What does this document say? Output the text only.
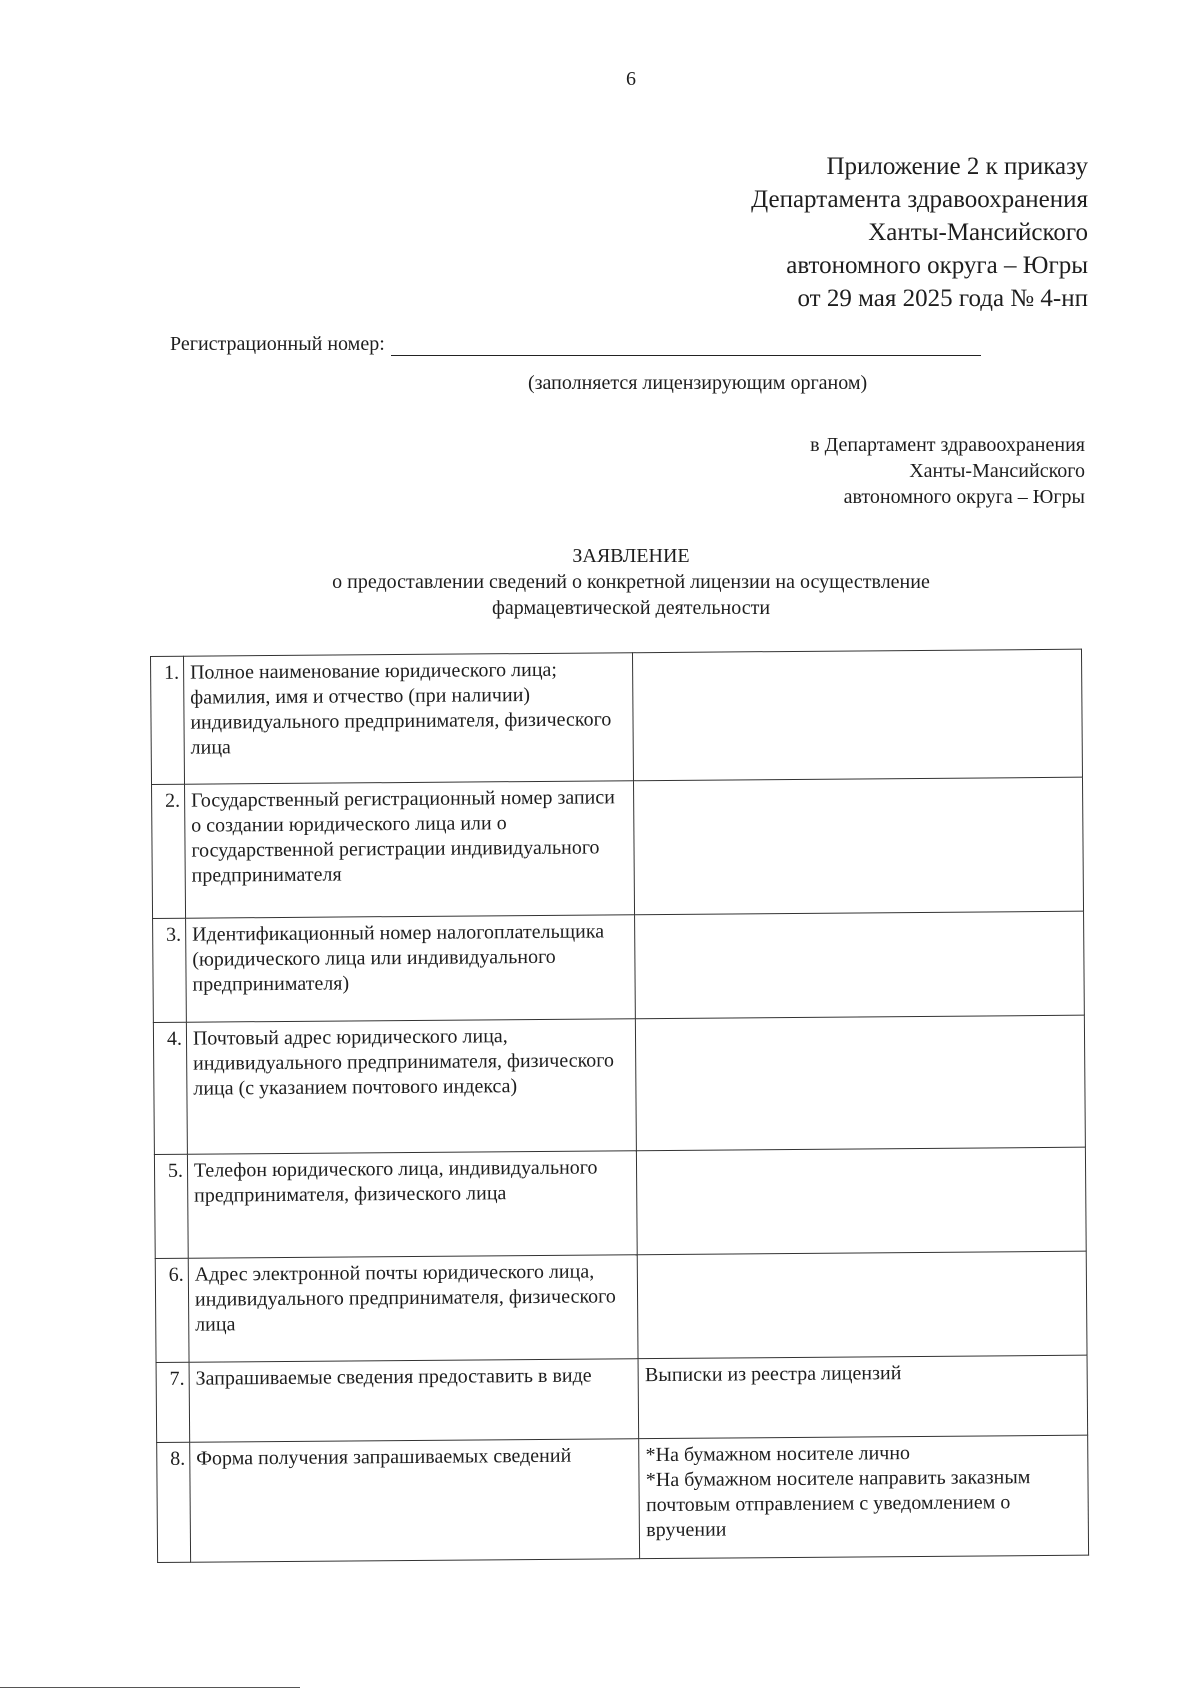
6
Приложение 2 к приказу
Департамента здравоохранения
Ханты-Мансийского
автономного округа – Югры
от 29 мая 2025 года № 4-нп
Регистрационный номер:
(заполняется лицензирующим органом)
в Департамент здравоохранения
Ханты-Мансийского
автономного округа – Югры
ЗАЯВЛЕНИЕ
о предоставлении сведений о конкретной лицензии на осуществление
фармацевтической деятельности
1.	Полное наименование юридического лица; фамилия, имя и отчество (при наличии) индивидуального предпринимателя, физического лица	
2.	Государственный регистрационный номер записи о создании юридического лица или о государственной регистрации индивидуального предпринимателя	
3.	Идентификационный номер налогоплательщика (юридического лица или индивидуального предпринимателя)	
4.	Почтовый адрес юридического лица, индивидуального предпринимателя, физического лица (с указанием почтового индекса)	
5.	Телефон юридического лица, индивидуального предпринимателя, физического лица	
6.	Адрес электронной почты юридического лица, индивидуального предпринимателя, физического лица	
7.	Запрашиваемые сведения предоставить в виде	Выписки из реестра лицензий

8.	Форма получения запрашиваемых сведений	*На бумажном носителе лично
*На бумажном носителе направить заказным почтовым отправлением с уведомлением о вручении
